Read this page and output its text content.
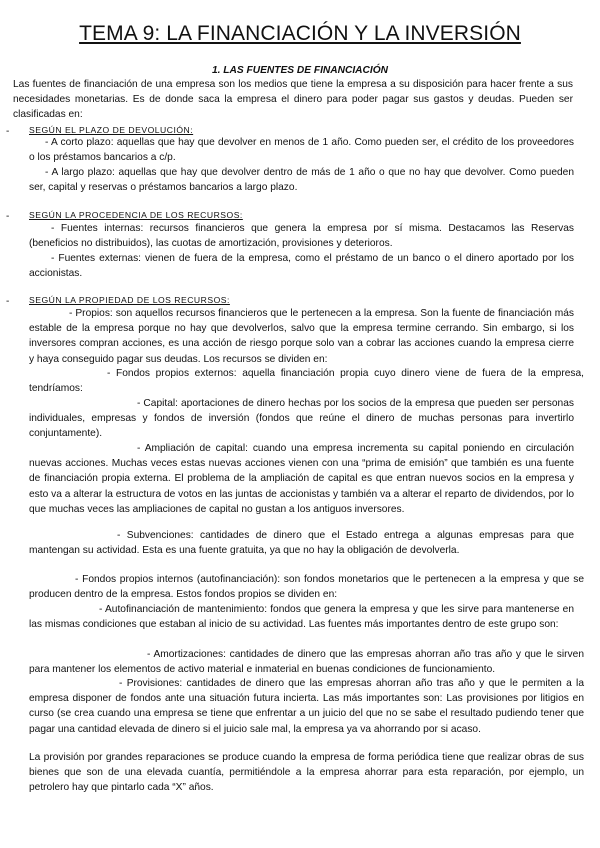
TEMA 9: LA FINANCIACIÓN Y LA INVERSIÓN
1. LAS FUENTES DE FINANCIACIÓN
Las fuentes de financiación de una empresa son los medios que tiene la empresa a su disposición para hacer frente a sus necesidades monetarias. Es de donde saca la empresa el dinero para poder pagar sus gastos y deudas. Pueden ser clasificadas en:
- SEGÚN EL PLAZO DE DEVOLUCIÓN:
- A corto plazo: aquellas que hay que devolver en menos de 1 año. Como pueden ser, el crédito de los proveedores o los préstamos bancarios a c/p.
- A largo plazo: aquellas que hay que devolver dentro de más de 1 año o que no hay que devolver. Como pueden ser, capital y reservas o préstamos bancarios a largo plazo.
- SEGÚN LA PROCEDENCIA DE LOS RECURSOS:
- Fuentes internas: recursos financieros que genera la empresa por sí misma. Destacamos las Reservas (beneficios no distribuidos), las cuotas de amortización, provisiones y deterioros.
- Fuentes externas: vienen de fuera de la empresa, como el préstamo de un banco o el dinero aportado por los accionistas.
- SEGÚN LA PROPIEDAD DE LOS RECURSOS:
- Propios: son aquellos recursos financieros que le pertenecen a la empresa. Son la fuente de financiación más estable de la empresa porque no hay que devolverlos, salvo que la empresa termine cerrando. Sin embargo, si los inversores compran acciones, es una acción de riesgo porque solo van a cobrar las acciones cuando la empresa cierre y haya conseguido pagar sus deudas. Los recursos se dividen en:
- Fondos propios externos: aquella financiación propia cuyo dinero viene de fuera de la empresa, tendríamos:
- Capital: aportaciones de dinero hechas por los socios de la empresa que pueden ser personas individuales, empresas y fondos de inversión (fondos que reúne el dinero de muchas personas para invertirlo conjuntamente).
- Ampliación de capital: cuando una empresa incrementa su capital poniendo en circulación nuevas acciones. Muchas veces estas nuevas acciones vienen con una “prima de emisión” que también es una fuente de financiación propia externa. El problema de la ampliación de capital es que entran nuevos socios en la empresa y esto va a alterar la estructura de votos en las juntas de accionistas y también va a alterar el reparto de dividendos, por lo que muchas veces las ampliaciones de capital no gustan a los antiguos inversores.
- Subvenciones: cantidades de dinero que el Estado entrega a algunas empresas para que mantengan su actividad. Esta es una fuente gratuita, ya que no hay la obligación de devolverla.
- Fondos propios internos (autofinanciación): son fondos monetarios que le pertenecen a la empresa y que se producen dentro de la empresa. Estos fondos propios se dividen en:
- Autofinanciación de mantenimiento: fondos que genera la empresa y que les sirve para mantenerse en las mismas condiciones que estaban al inicio de su actividad. Las fuentes más importantes dentro de este grupo son:
- Amortizaciones: cantidades de dinero que las empresas ahorran año tras año y que le sirven para mantener los elementos de activo material e inmaterial en buenas condiciones de funcionamiento.
- Provisiones: cantidades de dinero que las empresas ahorran año tras año y que le permiten a la empresa disponer de fondos ante una situación futura incierta. Las más importantes son: Las provisiones por litigios en curso (se crea cuando una empresa se tiene que enfrentar a un juicio del que no se sabe el resultado pudiendo tener que pagar una cantidad elevada de dinero si el juicio sale mal, la empresa ya va ahorrando por si acaso.
La provisión por grandes reparaciones se produce cuando la empresa de forma periódica tiene que realizar obras de sus bienes que son de una elevada cuantía, permitiéndole a la empresa ahorrar para esta reparación, por ejemplo, un petrolero hay que pintarlo cada “X” años.
